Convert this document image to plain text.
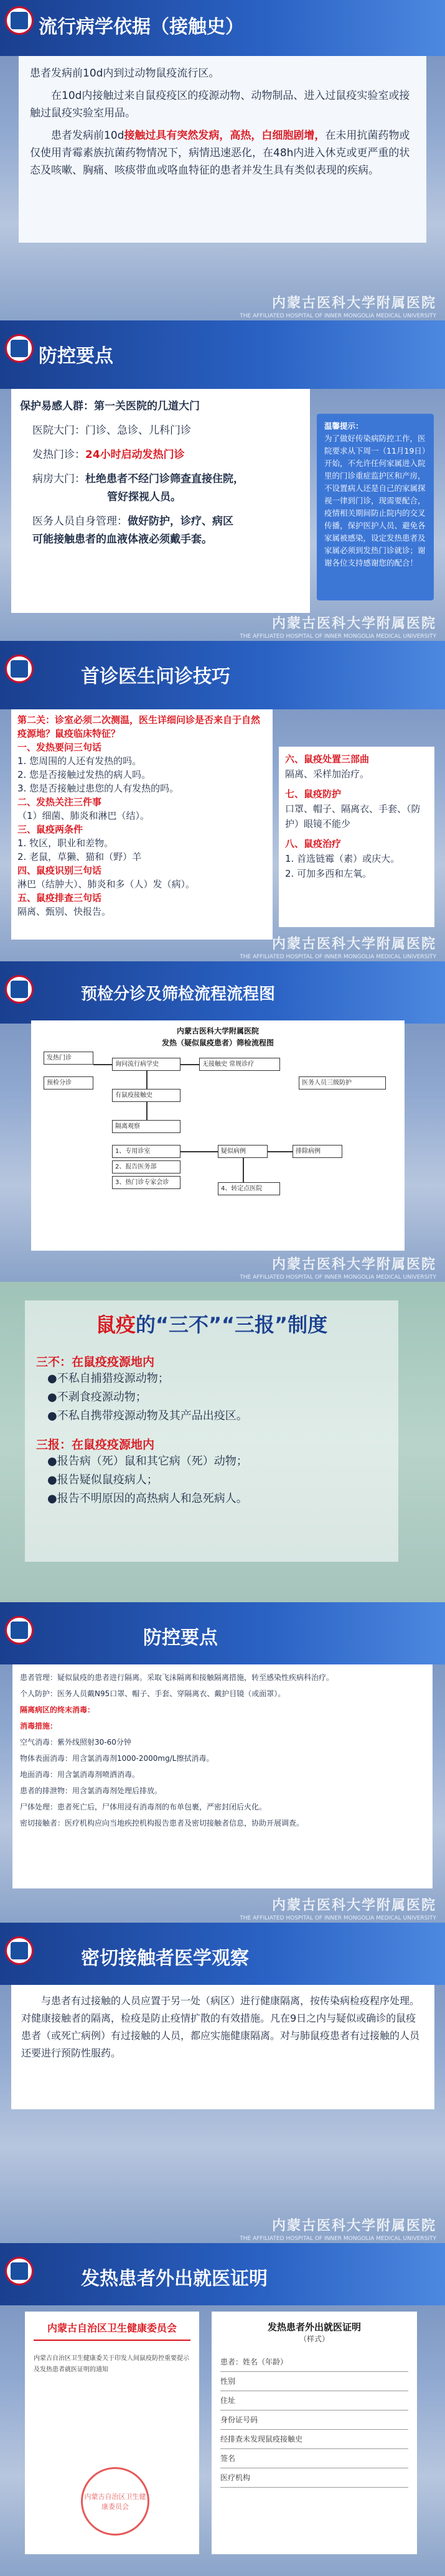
流行病学依据（接触史）
患者发病前10d内到过动物鼠疫流行区。
在10d内接触过来自鼠疫疫区的疫源动物、动物制品、进入过鼠疫实验室或接触过鼠疫实验室用品。
患者发病前10d接触过具有突然发病，高热，白细胞剧增，在未用抗菌药物或仅使用青霉素族抗菌药物情况下，病情迅速恶化，在48h内进入休克或更严重的状态及咳嗽、胸痛、咳痰带血或咯血特征的患者并发生具有类似表现的疾病。
内蒙古医科大学附属医院
THE AFFILIATED HOSPITAL OF INNER MONGOLIA MEDICAL UNIVERSITY
防控要点
保护易感人群：第一关医院的几道大门
医院大门：门诊、急诊、儿科门诊
发热门诊：24小时启动发热门诊
病房大门：杜绝患者不经门诊筛查直接住院，
管好探视人员。
医务人员自身管理：做好防护，诊疗、病区
可能接触患者的血液体液必须戴手套。
温馨提示：
为了做好传染病防控工作，医院要求从下周一（11月19日）开始，不允许任何家属进入院里的门诊重症监护区和产房，不设置病人还是自己的家属探视一律到门诊，现需要配合，疫情相关期间防止院内的交叉传播，保护医护人员、避免各家属被感染，设定发热患者及家属必须到发热门诊就诊；谢谢各位支持感谢您的配合！
内蒙古医科大学附属医院
THE AFFILIATED HOSPITAL OF INNER MONGOLIA MEDICAL UNIVERSITY
首诊医生问诊技巧
第二关：诊室必须二次测温，医生详细问诊是否来自于自然疫源地？鼠疫临床特征？
一、发热要问三句话
1. 您周围的人还有发热的吗。
2. 您是否接触过发热的病人吗。
3. 您是否接触过患您的人有发热的吗。
二、发热关注三件事
（1）细菌、肺炎和淋巴（结）。
三、鼠疫两条件
1. 牧区，职业和差物。
2. 老鼠，草獭、猫和（野）羊
四、鼠疫识别三句话
淋巴（结肿大）、肺炎和多（人）发（病）。
五、鼠疫排查三句话
隔离、甄别、快报告。
六、鼠疫处置三部曲
隔离、采样加治疗。
七、鼠疫防护
口罩、帽子、隔离衣、手套、（防护）眼镜不能少
八、鼠疫治疗
1. 首选链霉（素）或庆大。
2. 可加多西和左氧。
内蒙古医科大学附属医院
THE AFFILIATED HOSPITAL OF INNER MONGOLIA MEDICAL UNIVERSITY
预检分诊及筛检流程流程图
内蒙古医科大学附属医院
发热（疑似鼠疫患者）筛检流程图
发热门诊
预检分诊
询问流行病学史
有鼠疫接触史
无接触史 常规诊疗
隔离观察
1、专用诊室
2、报告医务部
3、热门诊专家会诊
疑似病例	排除病例
4、转定点医院
医务人员三级防护
内蒙古医科大学附属医院
THE AFFILIATED HOSPITAL OF INNER MONGOLIA MEDICAL UNIVERSITY
鼠疫的“三不”“三报”制度
三不：在鼠疫疫源地内
●不私自捕猎疫源动物；
●不剥食疫源动物；
●不私自携带疫源动物及其产品出疫区。
三报：在鼠疫疫源地内
●报告病（死）鼠和其它病（死）动物；
●报告疑似鼠疫病人；
●报告不明原因的高热病人和急死病人。
防控要点
患者管理：疑似鼠疫的患者进行隔离。采取飞沫隔离和接触隔离措施，转至感染性疾病科治疗。
个人防护：医务人员戴N95口罩、帽子、手套、穿隔离衣、戴护目镜（或面罩）。
隔离病区的终末消毒：
消毒措施：
空气消毒：紫外线照射30-60分钟
物体表面消毒：用含氯消毒剂1000-2000mg/L擦拭消毒。
地面消毒：用含氯消毒剂喷洒消毒。
患者的排泄物：用含氯消毒剂处理后排放。
尸体处理：患者死亡后，尸体用浸有消毒剂的布单包裹，严密封闭后火化。
密切接触者：医疗机构应向当地疾控机构报告患者及密切接触者信息，协助开展调查。
内蒙古医科大学附属医院
THE AFFILIATED HOSPITAL OF INNER MONGOLIA MEDICAL UNIVERSITY
密切接触者医学观察
与患者有过接触的人员应置于另一处（病区）进行健康隔离，按传染病检疫程序处理。对健康接触者的隔离，检疫是防止疫情扩散的有效措施。凡在9日之内与疑似或确诊的鼠疫患者（或死亡病例）有过接触的人员，都应实施健康隔离。对与肺鼠疫患者有过接触的人员还要进行预防性服药。
内蒙古医科大学附属医院
THE AFFILIATED HOSPITAL OF INNER MONGOLIA MEDICAL UNIVERSITY
发热患者外出就医证明
内蒙古自治区卫生健康委员会
内蒙古自治区卫生健康委关于印发人间鼠疫防控重要提示及发热患者就医证明的通知
内蒙古自治区卫生健康委员会
发热患者外出就医证明
（样式）
患者：姓名（年龄）
性别
住址
身份证号码
经排查未发现鼠疫接触史
签名
医疗机构
